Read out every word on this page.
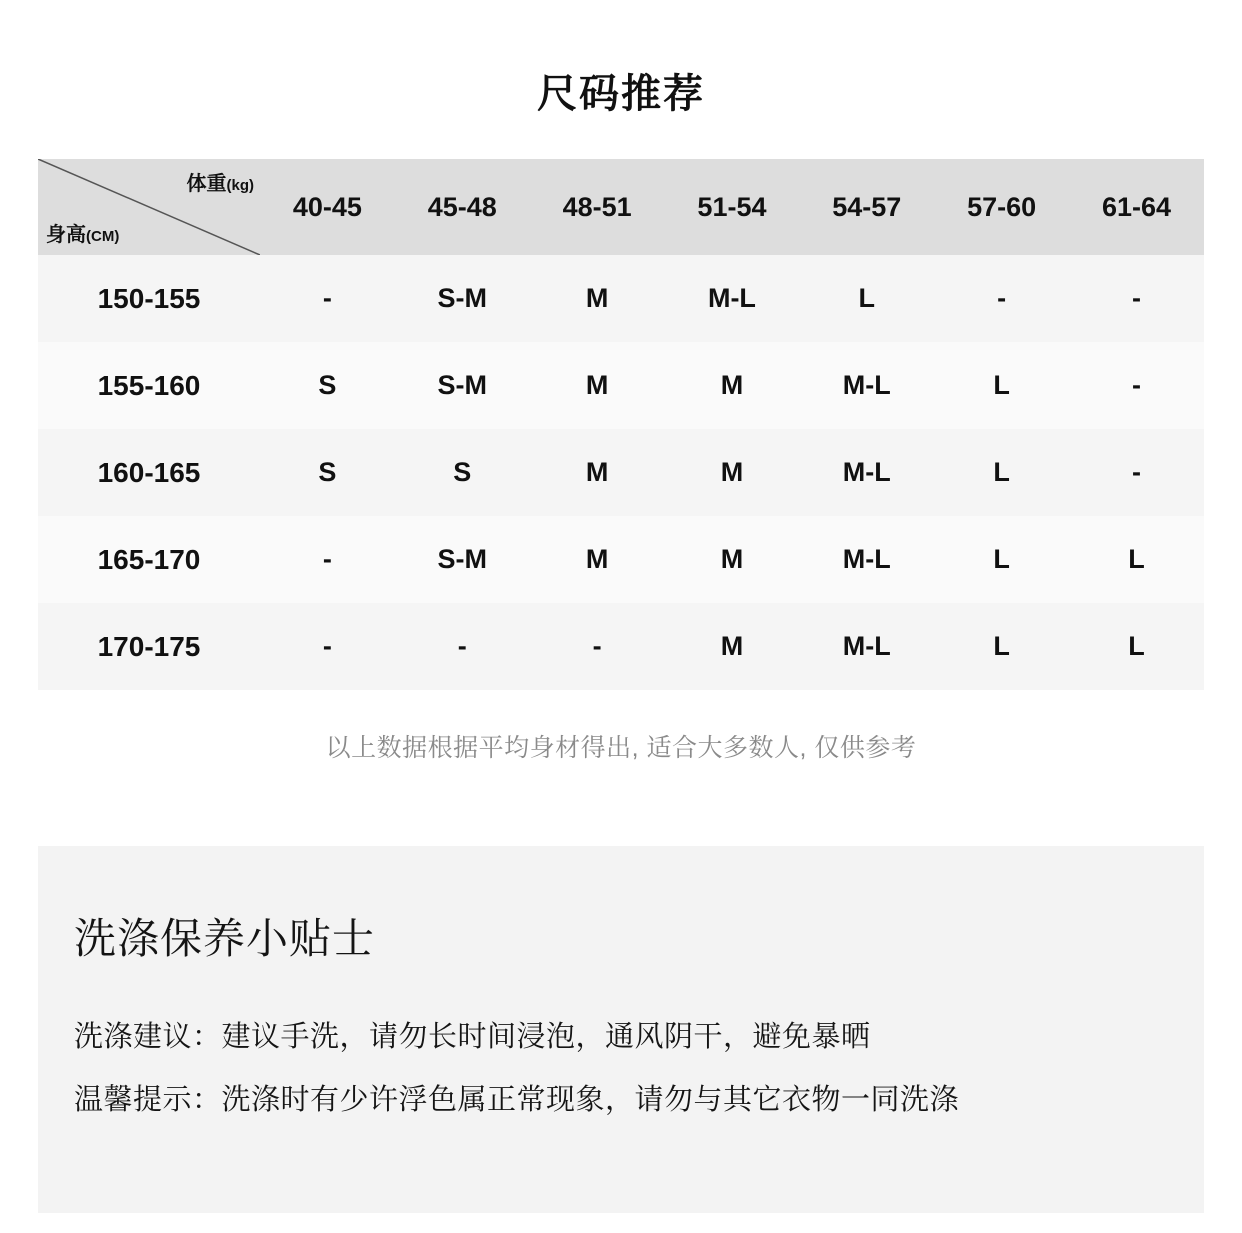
尺码推荐
体重(kg)
身高(CM)	40-45	45-48	48-51	51-54	54-57	57-60	61-64
150-155	-	S-M	M	M-L	L	-	-
155-160	S	S-M	M	M	M-L	L	-
160-165	S	S	M	M	M-L	L	-
165-170	-	S-M	M	M	M-L	L	L
170-175	-	-	-	M	M-L	L	L
以上数据根据平均身材得出, 适合大多数人, 仅供参考
洗涤保养小贴士
洗涤建议：建议手洗，请勿长时间浸泡，通风阴干，避免暴晒
温馨提示：洗涤时有少许浮色属正常现象，请勿与其它衣物一同洗涤
